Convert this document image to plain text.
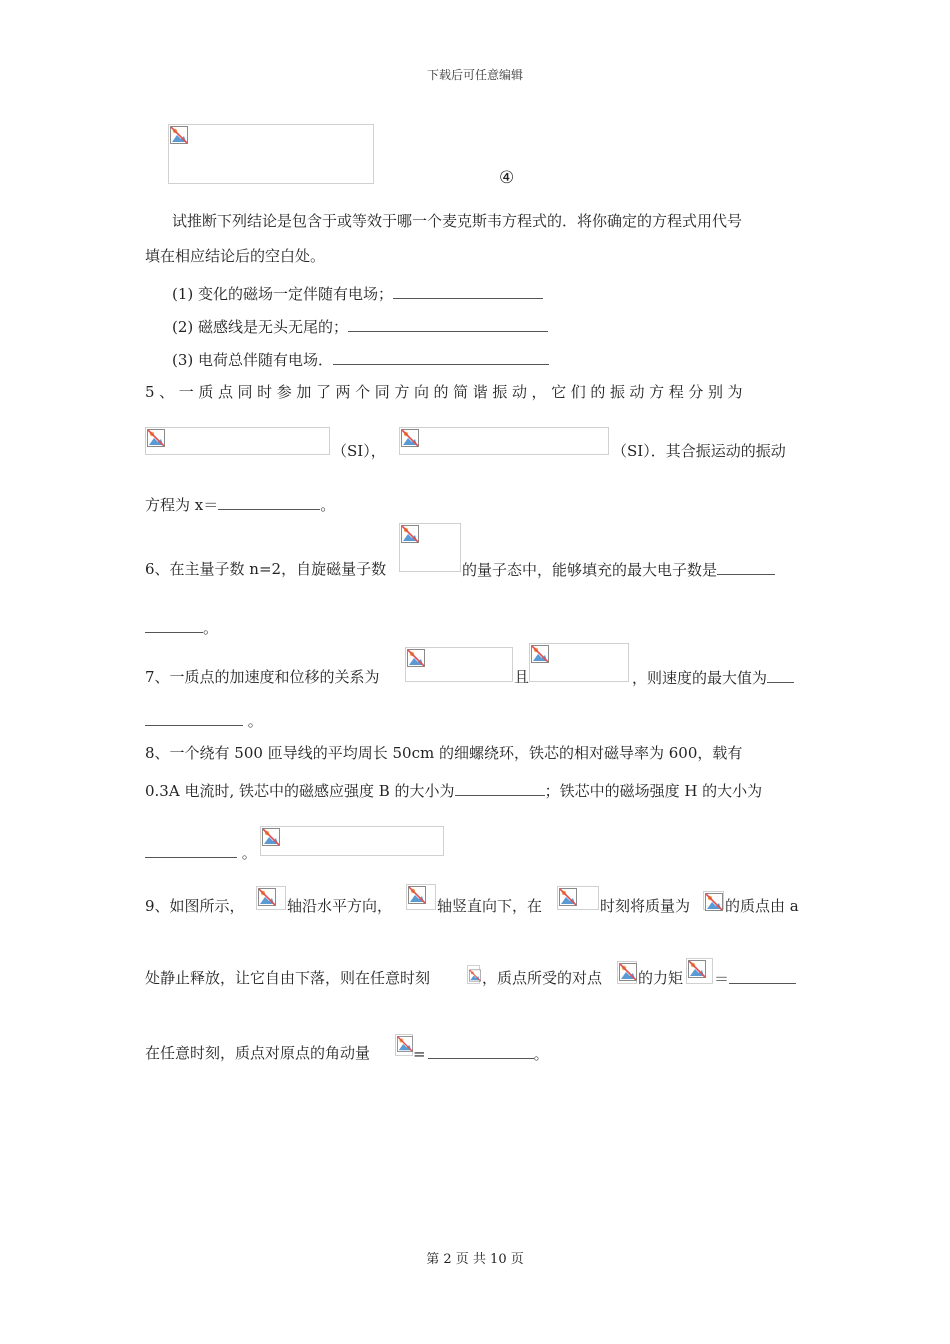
下载后可任意编辑
④
试推断下列结论是包含于或等效于哪一个麦克斯韦方程式的．将你确定的方程式用代号
填在相应结论后的空白处。
(1) 变化的磁场一定伴随有电场；
(2) 磁感线是无头无尾的；
(3) 电荷总伴随有电场．
5、一质点同时参加了两个同方向的简谐振动，它们的振动方程分别为
（SI），	（SI）．其合振运动的振动
方程为 x＝	。
6、在主量子数 n=2，自旋磁量子数	的量子态中，能够填充的最大电子数是
。
7、一质点的加速度和位移的关系为	且	，则速度的最大值为
。
8、一个绕有 500 匝导线的平均周长 50cm 的细螺绕环，铁芯的相对磁导率为 600，载有
0.3A 电流时, 铁芯中的磁感应强度 B 的大小为	；铁芯中的磁场强度 H 的大小为
。
9、如图所示，	轴沿水平方向，	轴竖直向下，在	时刻将质量为 的质点由 a
处静止释放，让它自由下落，则在任意时刻	，质点所受的对点 的力矩 ＝
在任意时刻，质点对原点的角动量	=	。
第 2 页 共 10 页
